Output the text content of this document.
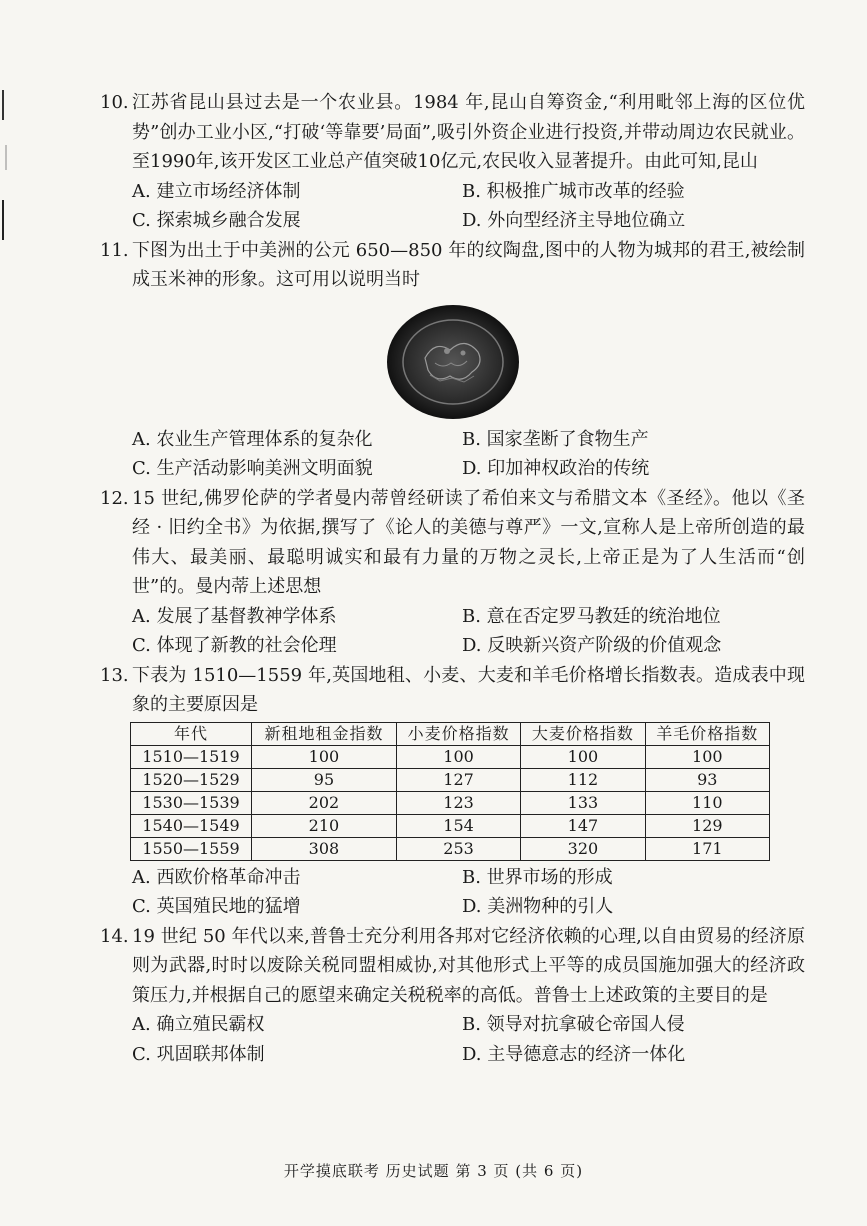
10. 江苏省昆山县过去是一个农业县。1984 年,昆山自筹资金,“利用毗邻上海的区位优势”创办工业小区,“打破‘等靠要’局面”,吸引外资企业进行投资,并带动周边农民就业。至1990年,该开发区工业总产值突破10亿元,农民收入显著提升。由此可知,昆山
A. 建立市场经济体制	B. 积极推广城市改革的经验
C. 探索城乡融合发展	D. 外向型经济主导地位确立
11. 下图为出土于中美洲的公元 650—850 年的纹陶盘,图中的人物为城邦的君王,被绘制成玉米神的形象。这可用以说明当时
A. 农业生产管理体系的复杂化	B. 国家垄断了食物生产
C. 生产活动影响美洲文明面貌	D. 印加神权政治的传统
12. 15 世纪,佛罗伦萨的学者曼内蒂曾经研读了希伯来文与希腊文本《圣经》。他以《圣经 · 旧约全书》为依据,撰写了《论人的美德与尊严》一文,宣称人是上帝所创造的最伟大、最美丽、最聪明诚实和最有力量的万物之灵长,上帝正是为了人生活而“创世”的。曼内蒂上述思想
A. 发展了基督教神学体系	B. 意在否定罗马教廷的统治地位
C. 体现了新教的社会伦理	D. 反映新兴资产阶级的价值观念
13. 下表为 1510—1559 年,英国地租、小麦、大麦和羊毛价格增长指数表。造成表中现象的主要原因是
年代	新租地租金指数	小麦价格指数	大麦价格指数	羊毛价格指数
1510—1519	100	100	100	100
1520—1529	95	127	112	93
1530—1539	202	123	133	110
1540—1549	210	154	147	129
1550—1559	308	253	320	171
A. 西欧价格革命冲击	B. 世界市场的形成
C. 英国殖民地的猛增	D. 美洲物种的引人
14. 19 世纪 50 年代以来,普鲁士充分利用各邦对它经济依赖的心理,以自由贸易的经济原则为武器,时时以废除关税同盟相威协,对其他形式上平等的成员国施加强大的经济政策压力,并根据自己的愿望来确定关税税率的高低。普鲁士上述政策的主要目的是
A. 确立殖民霸权	B. 领导对抗拿破仑帝国人侵
C. 巩固联邦体制	D. 主导德意志的经济一体化
开学摸底联考 历史试题 第 3 页 (共 6 页)
